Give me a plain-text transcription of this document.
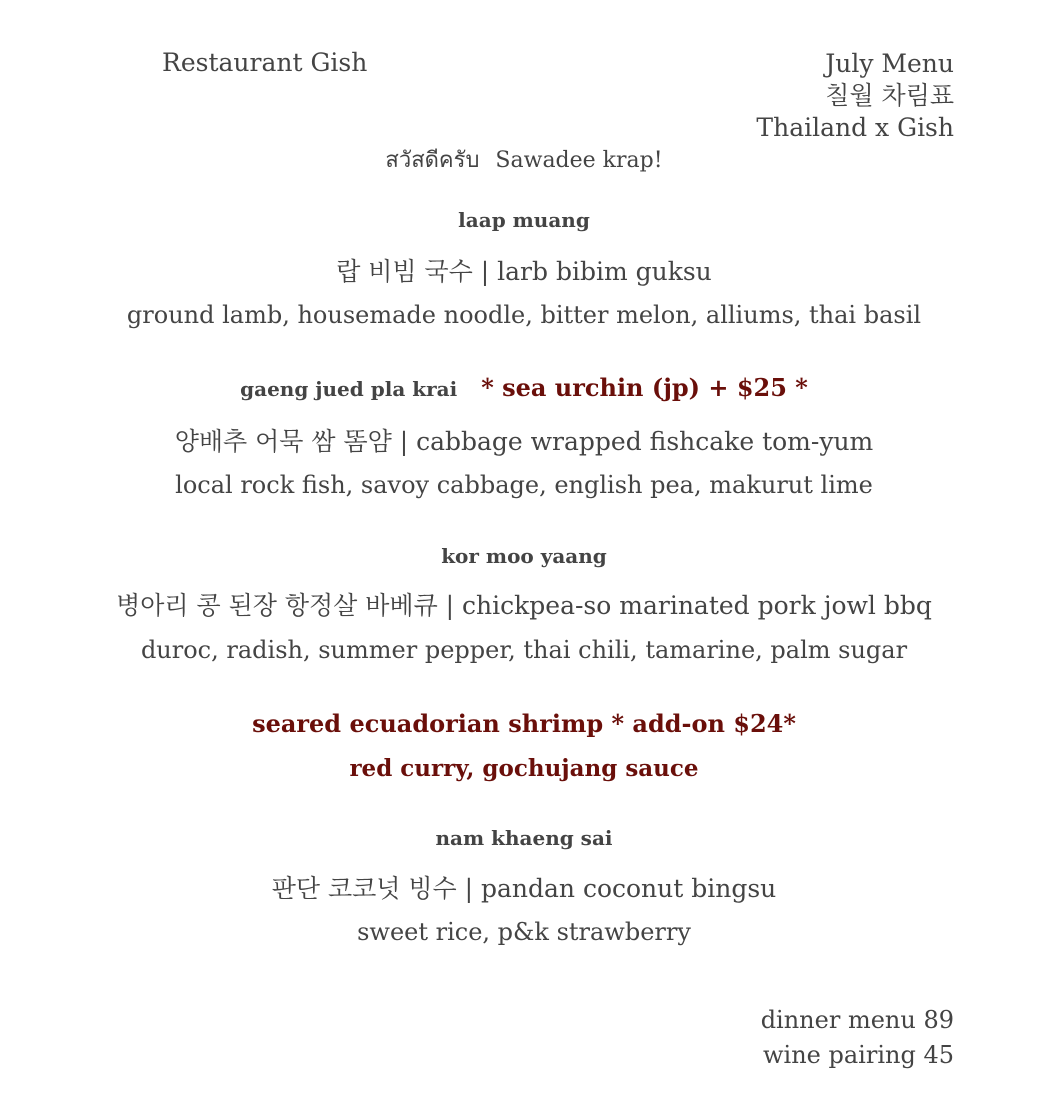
Restaurant Gish	July Menu
칠월 차림표
Thailand x Gish
สวัสดีครับ Sawadee krap!
laap muang
랍 비빔 국수 | larb bibim guksu
ground lamb, housemade noodle, bitter melon, alliums, thai basil
gaeng jued pla krai * sea urchin (jp) + $25 *
양배추 어묵 쌈 똠얌 | cabbage wrapped fishcake tom-yum
local rock fish, savoy cabbage, english pea, makurut lime
kor moo yaang
병아리 콩 된장 항정살 바베큐 | chickpea-so marinated pork jowl bbq
duroc, radish, summer pepper, thai chili, tamarine, palm sugar
seared ecuadorian shrimp * add-on $24*
red curry, gochujang sauce
nam khaeng sai
판단 코코넛 빙수 | pandan coconut bingsu
sweet rice, p&k strawberry
dinner menu 89
wine pairing 45
